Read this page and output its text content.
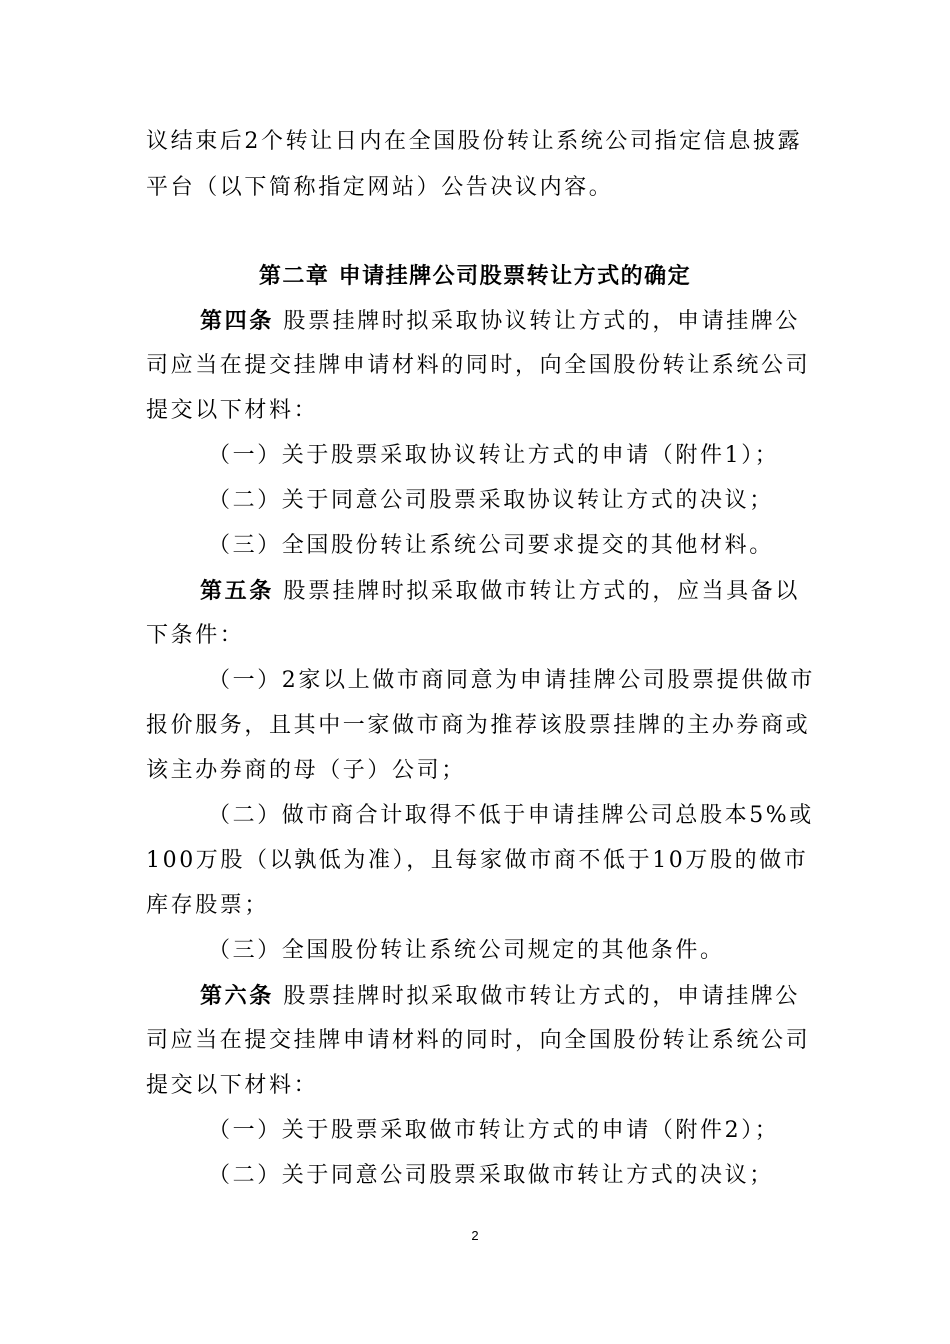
议结束后2个转让日内在全国股份转让系统公司指定信息披露
平台（以下简称指定网站）公告决议内容。
第二章 申请挂牌公司股票转让方式的确定
第四条 股票挂牌时拟采取协议转让方式的，申请挂牌公
司应当在提交挂牌申请材料的同时，向全国股份转让系统公司
提交以下材料：
（一）关于股票采取协议转让方式的申请（附件1）；
（二）关于同意公司股票采取协议转让方式的决议；
（三）全国股份转让系统公司要求提交的其他材料。
第五条 股票挂牌时拟采取做市转让方式的，应当具备以
下条件：
（一）2家以上做市商同意为申请挂牌公司股票提供做市
报价服务，且其中一家做市商为推荐该股票挂牌的主办券商或
该主办券商的母（子）公司；
（二）做市商合计取得不低于申请挂牌公司总股本5%或
100万股（以孰低为准），且每家做市商不低于10万股的做市
库存股票；
（三）全国股份转让系统公司规定的其他条件。
第六条 股票挂牌时拟采取做市转让方式的，申请挂牌公
司应当在提交挂牌申请材料的同时，向全国股份转让系统公司
提交以下材料：
（一）关于股票采取做市转让方式的申请（附件2）；
（二）关于同意公司股票采取做市转让方式的决议；
2
